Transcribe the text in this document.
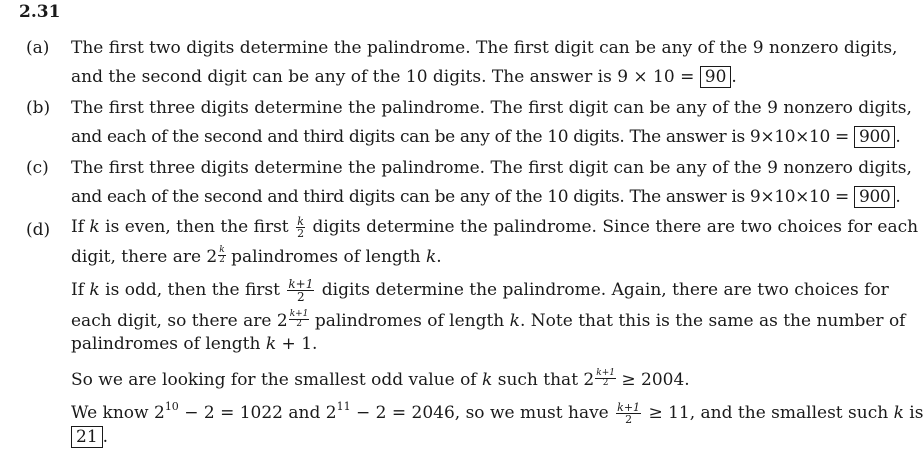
2.31
(a) The first two digits determine the palindrome. The first digit can be any of the 9 nonzero digits,
and the second digit can be any of the 10 digits. The answer is 9 × 10 = 90 .
(b) The first three digits determine the palindrome. The first digit can be any of the 9 nonzero digits,
and each of the second and third digits can be any of the 10 digits. The answer is 9×10×10 = 900 .
(c) The first three digits determine the palindrome. The first digit can be any of the 9 nonzero digits,
and each of the second and third digits can be any of the 10 digits. The answer is 9×10×10 = 900 .
(d) If k is even, then the first $\frac{k}{2}$ digits determine the palindrome. Since there are two choices for each
digit, there are $2 \frac{k}{2}$ palindromes of length k.
If k is odd, then the first $\frac{k+1}{2}$ digits determine the palindrome. Again, there are two choices for
each digit, so there are $2 \frac{k+1}{2}$ palindromes of length k. Note that this is the same as the number of
palindromes of length k + 1.
So we are looking for the smallest odd value of k such that $2 \frac{k+1}{2} \ge 2004$.
We know $2^{10} - 2 = 1022$ and $2^{11} - 2 = 2046$, so we must have $\frac{k+1}{2} \ge 11$, and the smallest such k is
21 .
